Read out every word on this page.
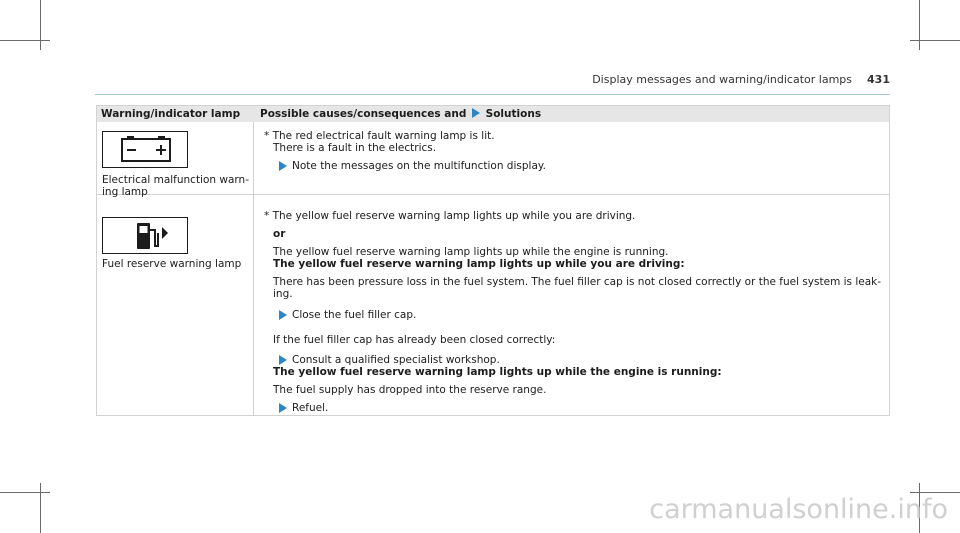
Display messages and warning/indicator lamps 431
Warning/indicator lamp Possible causes/consequences and Solutions
Electrical malfunction warn-
ing lamp
* The red electrical fault warning lamp is lit.
There is a fault in the electrics.
Note the messages on the multifunction display.
Fuel reserve warning lamp
* The yellow fuel reserve warning lamp lights up while you are driving.
or
The yellow fuel reserve warning lamp lights up while the engine is running.
The yellow fuel reserve warning lamp lights up while you are driving:
There has been pressure loss in the fuel system. The fuel filler cap is not closed correctly or the fuel system is leak-
ing.
Close the fuel filler cap.
If the fuel filler cap has already been closed correctly:
Consult a qualified specialist workshop.
The yellow fuel reserve warning lamp lights up while the engine is running:
The fuel supply has dropped into the reserve range.
Refuel.
carmanualsonline.info
